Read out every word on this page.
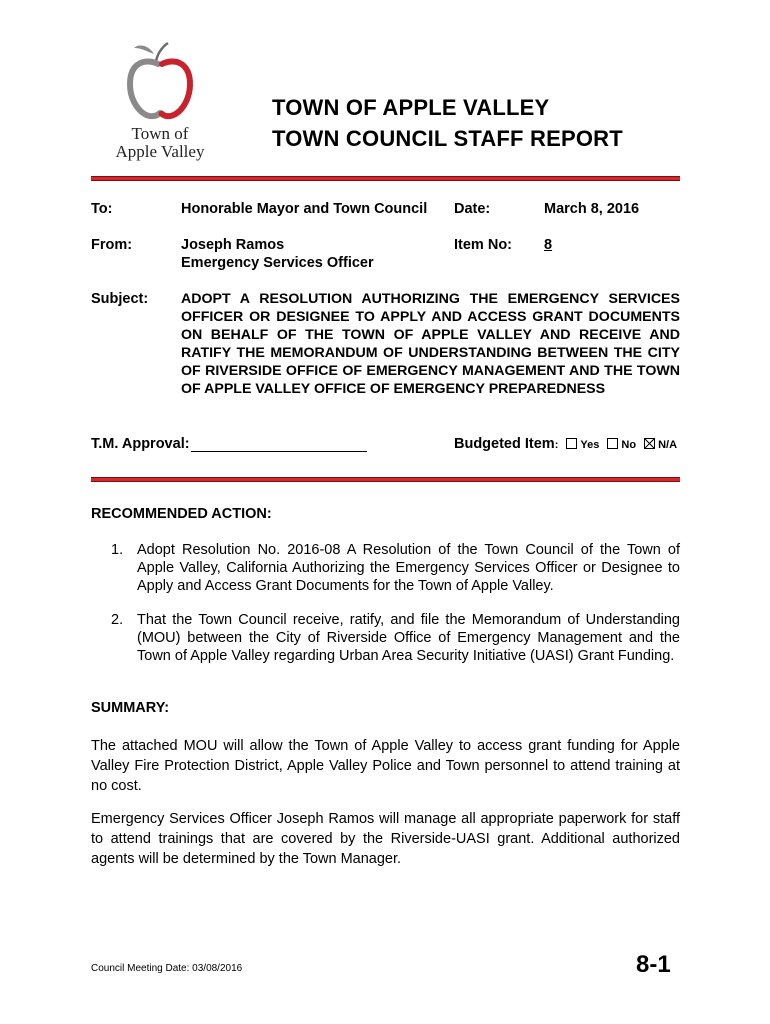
Town of
Apple Valley
TOWN OF APPLE VALLEY
TOWN COUNCIL STAFF REPORT
To:	Honorable Mayor and Town Council Date:	March 8, 2016
From:	Joseph Ramos
Emergency Services Officer
Item No: 8
Subject: ADOPT A RESOLUTION AUTHORIZING THE EMERGENCY SERVICES OFFICER OR DESIGNEE TO APPLY AND ACCESS GRANT DOCUMENTS ON BEHALF OF THE TOWN OF APPLE VALLEY AND RECEIVE AND RATIFY THE MEMORANDUM OF UNDERSTANDING BETWEEN THE CITY OF RIVERSIDE OFFICE OF EMERGENCY MANAGEMENT AND THE TOWN OF APPLE VALLEY OFFICE OF EMERGENCY PREPAREDNESS
T.M. Approval:	Budgeted Item: Yes No N/A
RECOMMENDED ACTION:
1. Adopt Resolution No. 2016-08 A Resolution of the Town Council of the Town of Apple Valley, California Authorizing the Emergency Services Officer or Designee to Apply and Access Grant Documents for the Town of Apple Valley.
2. That the Town Council receive, ratify, and file the Memorandum of Understanding (MOU) between the City of Riverside Office of Emergency Management and the Town of Apple Valley regarding Urban Area Security Initiative (UASI) Grant Funding.
SUMMARY:
The attached MOU will allow the Town of Apple Valley to access grant funding for Apple Valley Fire Protection District, Apple Valley Police and Town personnel to attend training at no cost.
Emergency Services Officer Joseph Ramos will manage all appropriate paperwork for staff to attend trainings that are covered by the Riverside-UASI grant. Additional authorized agents will be determined by the Town Manager.
Council Meeting Date: 03/08/2016	8-1
